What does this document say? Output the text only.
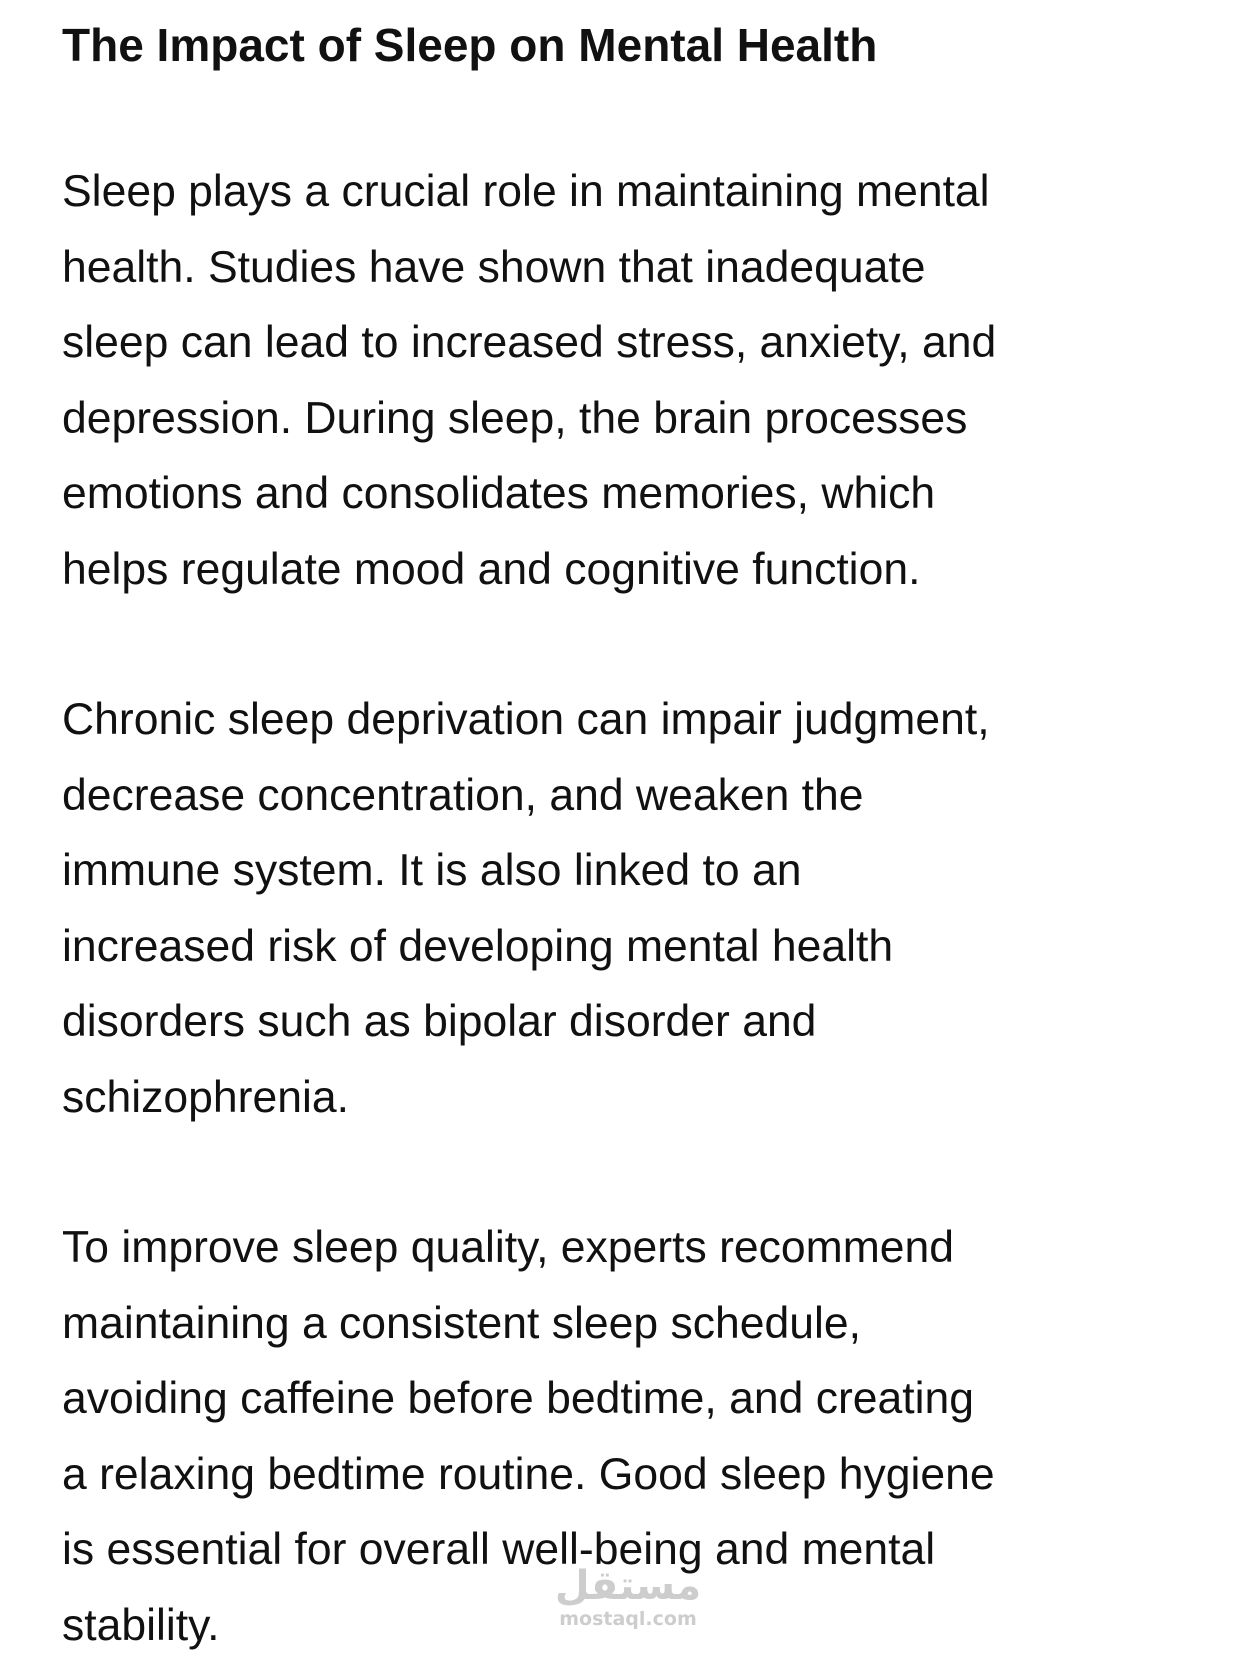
The Impact of Sleep on Mental Health

Sleep plays a crucial role in maintaining mental
health. Studies have shown that inadequate
sleep can lead to increased stress, anxiety, and
depression. During sleep, the brain processes
emotions and consolidates memories, which
helps regulate mood and cognitive function.

Chronic sleep deprivation can impair judgment,
decrease concentration, and weaken the
immune system. It is also linked to an
increased risk of developing mental health
disorders such as bipolar disorder and
schizophrenia.

To improve sleep quality, experts recommend
maintaining a consistent sleep schedule,
avoiding caffeine before bedtime, and creating
a relaxing bedtime routine. Good sleep hygiene
is essential for overall well-being and mental
stability.

مستقل
mostaql.com
